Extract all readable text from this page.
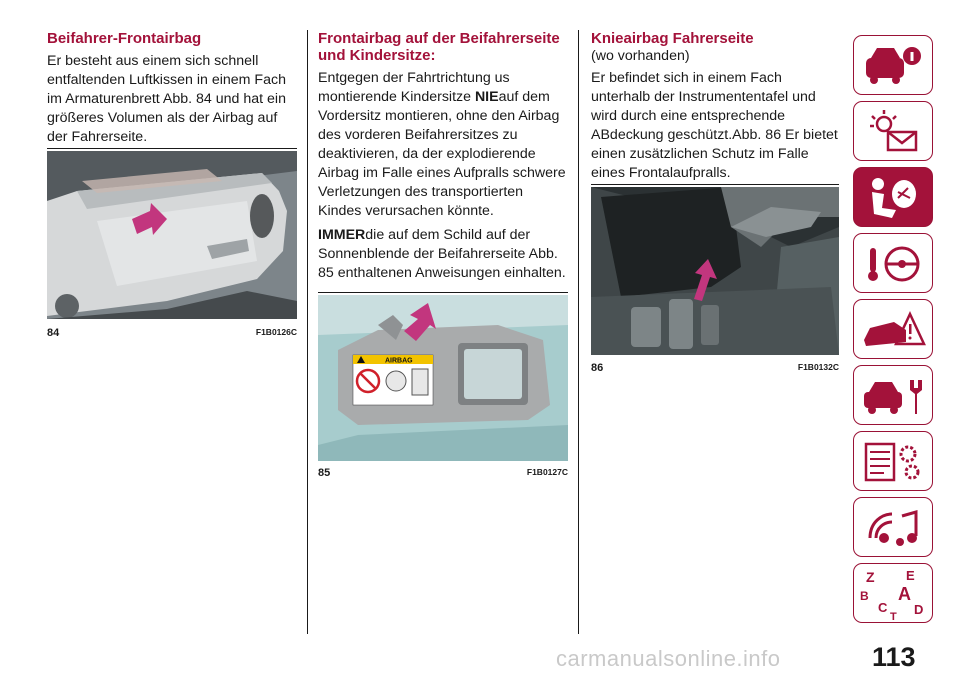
Beifahrer-Frontairbag

Er besteht aus einem sich schnell entfaltenden Luftkissen in einem Fach im Armaturenbrett Abb. 84 und hat ein größeres Volumen als der Airbag auf der Fahrerseite.

84	F1B0126C
Frontairbag auf der Beifahrerseite und Kindersitze:

Entgegen der Fahrtrichtung us montierende Kindersitze NIEauf dem Vordersitz montieren, ohne den Airbag des vorderen Beifahrersitzes zu deaktivieren, da der explodierende Airbag im Falle eines Aufpralls schwere Verletzungen des transportierten Kindes verursachen könnte.

IMMERdie auf dem Schild auf der Sonnenblende der Beifahrerseite Abb. 85 enthaltenen Anweisungen einhalten.

AIRBAG
85	F1B0127C
Knieairbag Fahrerseite

(wo vorhanden)

Er befindet sich in einem Fach unterhalb der Instrumententafel und wird durch eine entsprechende ABdeckung geschützt.Abb. 86 Er bietet einen zusätzlichen Schutz im Falle eines Frontalaufpralls.

86	F1B0132C
Z E
B A
C
T D
carmanualsonline.info	113
